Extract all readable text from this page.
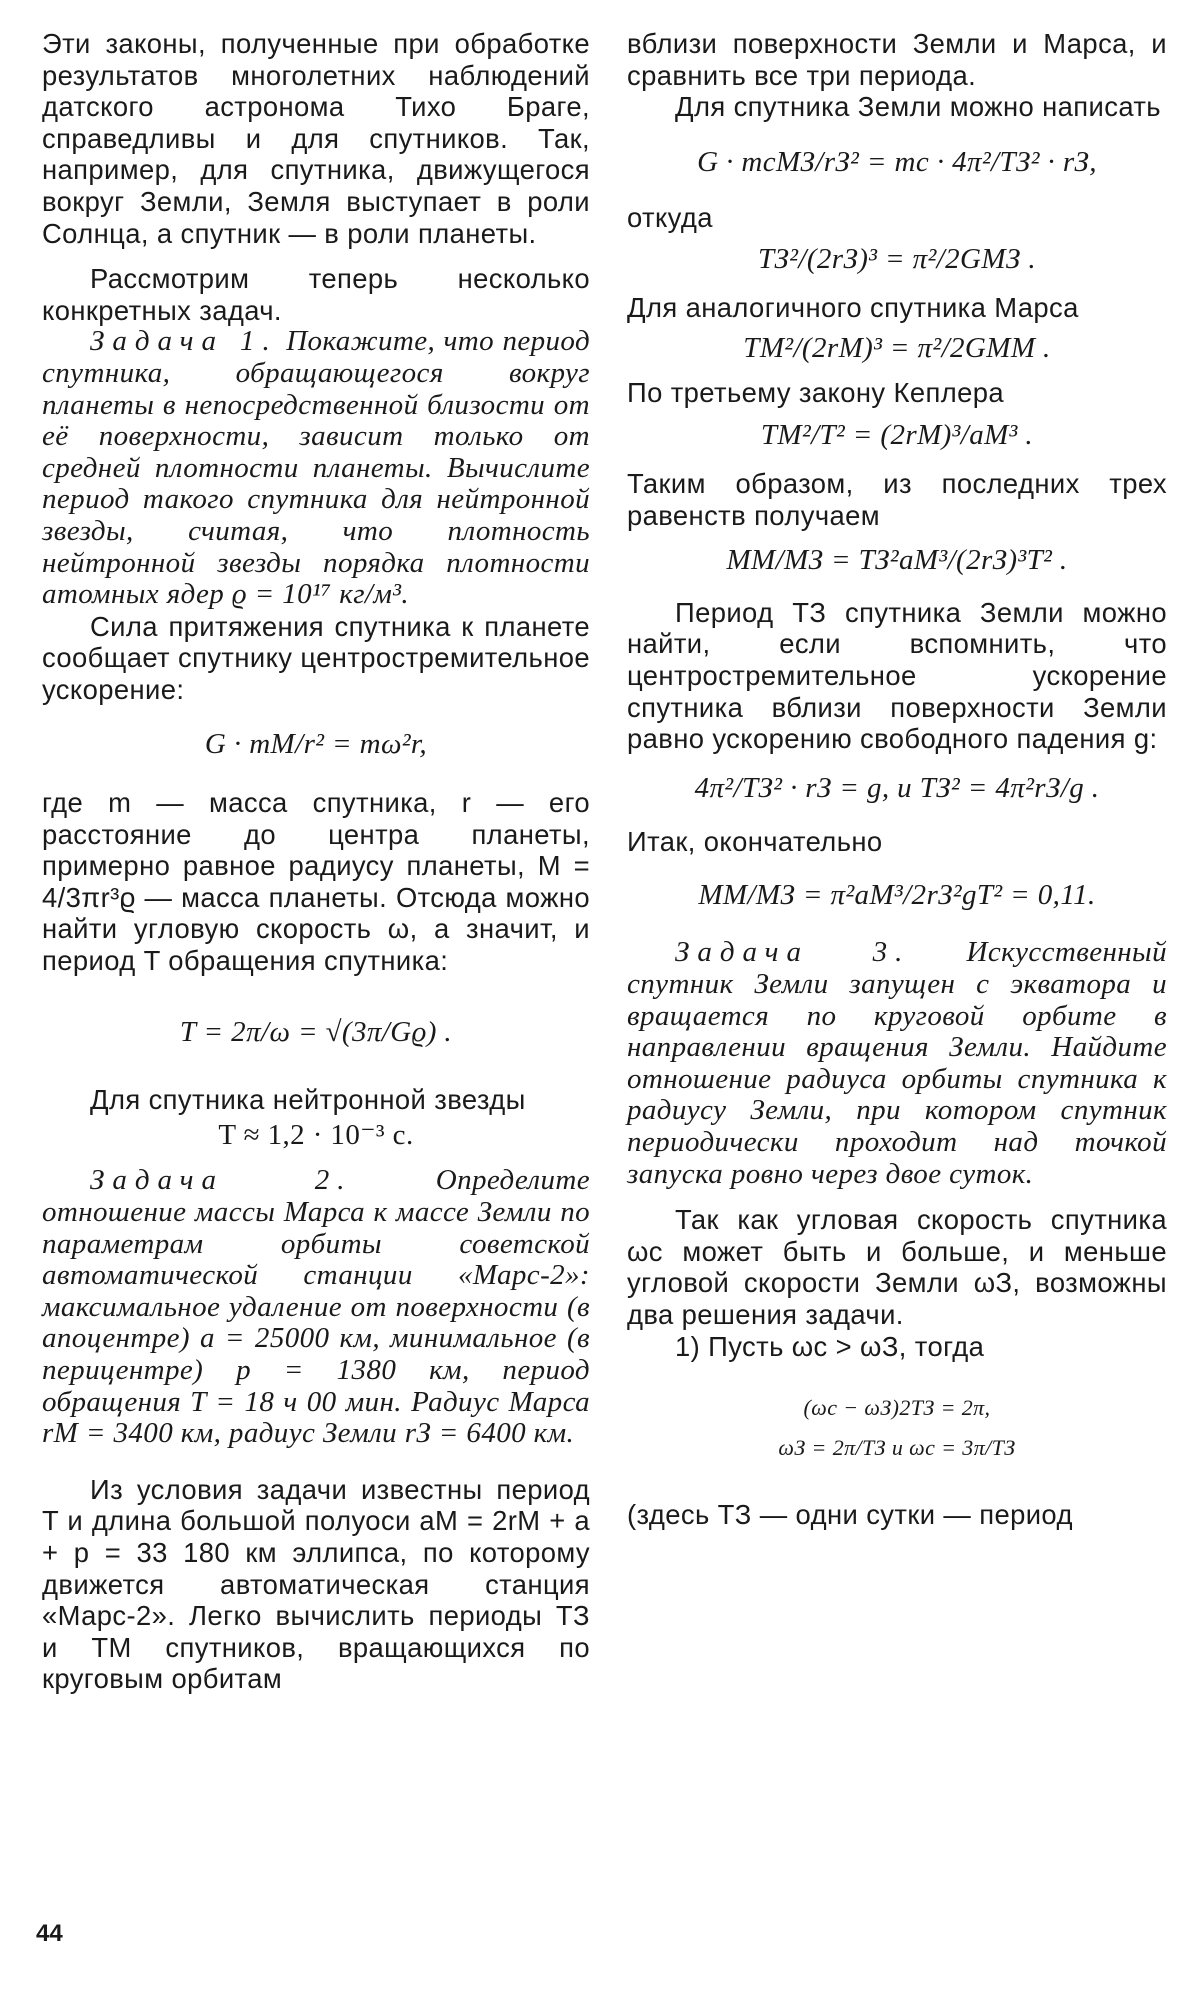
Эти законы, полученные при обработке результатов многолетних наблюдений датского астронома Тихо Браге, справедливы и для спутников. Так, например, для спутника, движущегося вокруг Земли, Земля выступает в роли Солнца, а спутник — в роли планеты.

Рассмотрим теперь несколько конкретных задач.

Задача 1. Покажите, что период спутника, обращающегося вокруг планеты в непосредственной близости от её поверхности, зависит только от средней плотности планеты. Вычислите период такого спутника для нейтронной звезды, считая, что плотность нейтронной звезды порядка плотности атомных ядер ϱ = 10¹⁷ кг/м³.

Сила притяжения спутника к планете сообщает спутнику центростремительное ускорение:

G · mM/r² = mω²r,

где m — масса спутника, r — его расстояние до центра планеты, примерно равное радиусу планеты, M = 4/3πr³ϱ — масса планеты. Отсюда можно найти угловую скорость ω, а значит, и период T обращения спутника:

T = 2π/ω = √(3π/Gϱ) .

Для спутника нейтронной звезды

T ≈ 1,2 · 10⁻³ с.

Задача 2.	Определите отношение массы Марса к массе Земли по параметрам орбиты советской автоматической станции «Марс-2»: максимальное удаление от поверхности (в апоцентре) a = 25000 км, минимальное (в перицентре) p = 1380 км, период обращения T = 18 ч 00 мин. Радиус Марса rМ = 3400 км, радиус Земли rЗ = 6400 км.

Из условия задачи известны период T и длина большой полуоси aМ = 2rМ + a + p = 33 180 км эллипса, по которому движется автоматическая станция «Марс-2». Легко вычислить периоды TЗ и TМ спутников, вращающихся по круговым орбитам

вблизи поверхности Земли и Марса, и сравнить все три периода.

Для спутника Земли можно написать

G · mcMЗ/rЗ² = mc · 4π²/TЗ² · rЗ,

откуда

TЗ²/(2rЗ)³ = π²/2GMЗ .

Для аналогичного спутника Марса

TМ²/(2rМ)³ = π²/2GMМ .

По третьему закону Кеплера

TМ²/T² = (2rМ)³/aМ³ .

Таким образом, из последних трех равенств получаем

MМ/MЗ = TЗ²aМ³/(2rЗ)³T² .

Период TЗ спутника Земли можно найти, если вспомнить, что центростремительное ускорение спутника вблизи поверхности Земли равно ускорению свободного падения g:

4π²/TЗ² · rЗ = g, и TЗ² = 4π²rЗ/g .

Итак, окончательно

MМ/MЗ = π²aМ³/2rЗ²gT² = 0,11.

Задача 3. Искусственный спутник Земли запущен с экватора и вращается по круговой орбите в направлении вращения Земли. Найдите отношение радиуса орбиты спутника к радиусу Земли, при котором спутник периодически проходит над точкой запуска ровно через двое суток.

Так как угловая скорость спутника ωc может быть и больше, и меньше угловой скорости Земли ωЗ, возможны два решения задачи.

1) Пусть ωc > ωЗ, тогда

(ωc − ωЗ)2TЗ = 2π,

ωЗ = 2π/TЗ и ωc = 3π/TЗ

(здесь TЗ — одни сутки — период

44
